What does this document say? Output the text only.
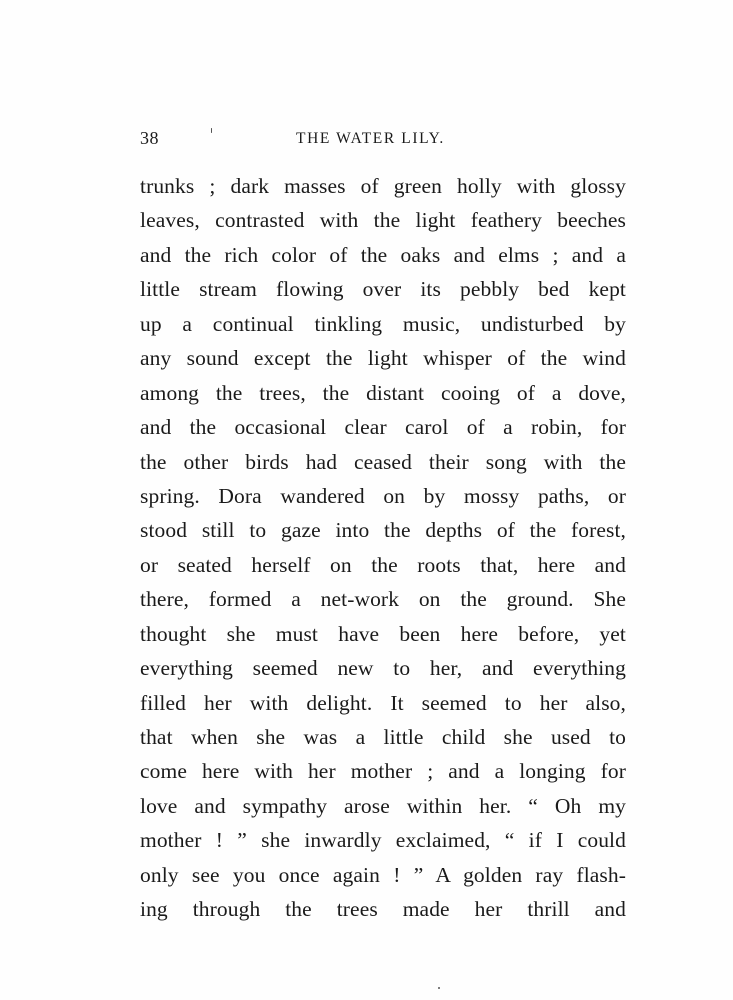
38	THE WATER LILY.
trunks ; dark masses of green holly with glossy
leaves, contrasted with the light feathery beeches
and the rich color of the oaks and elms ; and a
little stream flowing over its pebbly bed kept
up a continual tinkling music, undisturbed by
any sound except the light whisper of the wind
among the trees, the distant cooing of a dove,
and the occasional clear carol of a robin, for
the other birds had ceased their song with the
spring. Dora wandered on by mossy paths, or
stood still to gaze into the depths of the forest,
or seated herself on the roots that, here and
there, formed a net-work on the ground. She
thought she must have been here before, yet
everything seemed new to her, and everything
filled her with delight. It seemed to her also,
that when she was a little child she used to
come here with her mother ; and a longing for
love and sympathy arose within her. “ Oh my
mother ! ” she inwardly exclaimed, “ if I could
only see you once again ! ” A golden ray flash-
ing through the trees made her thrill and
